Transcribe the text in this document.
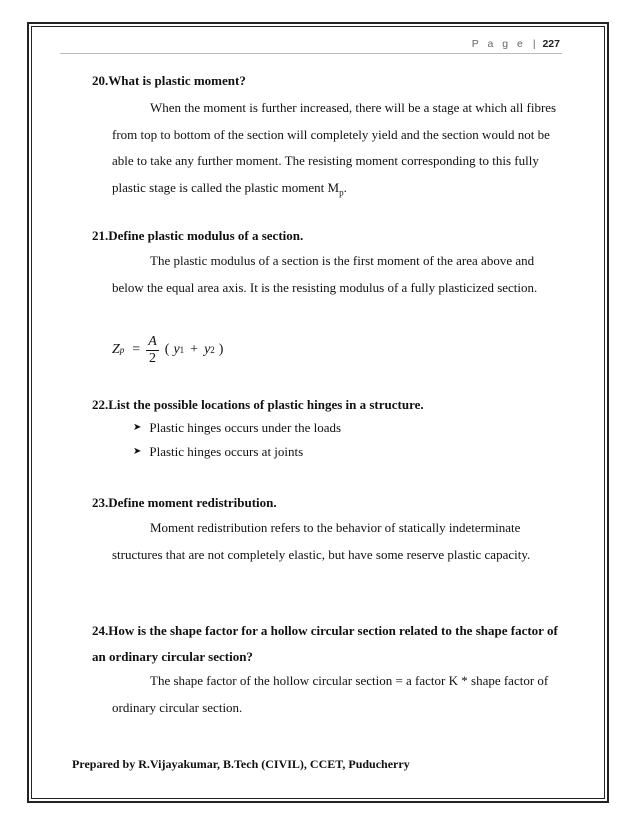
P a g e | 227
20.What is plastic moment?
When the moment is further increased, there will be a stage at which all fibres from top to bottom of the section will completely yield and the section would not be able to take any further moment. The resisting moment corresponding to this fully plastic stage is called the plastic moment $M_p$.
21.Define plastic modulus of a section.
The plastic modulus of a section is the first moment of the area above and below the equal area axis. It is the resisting modulus of a fully plasticized section.
Z $p = \frac{A}{2}$ ( y 1 + y 2 )
22.List the possible locations of plastic hinges in a structure.
➤ Plastic hinges occurs under the loads
➤ Plastic hinges occurs at joints
23.Define moment redistribution.
Moment redistribution refers to the behavior of statically indeterminate structures that are not completely elastic, but have some reserve plastic capacity.
24.How is the shape factor for a hollow circular section related to the shape factor of an ordinary circular section?
The shape factor of the hollow circular section = a factor K * shape factor of ordinary circular section.
Prepared by R.Vijayakumar, B.Tech (CIVIL), CCET, Puducherry
